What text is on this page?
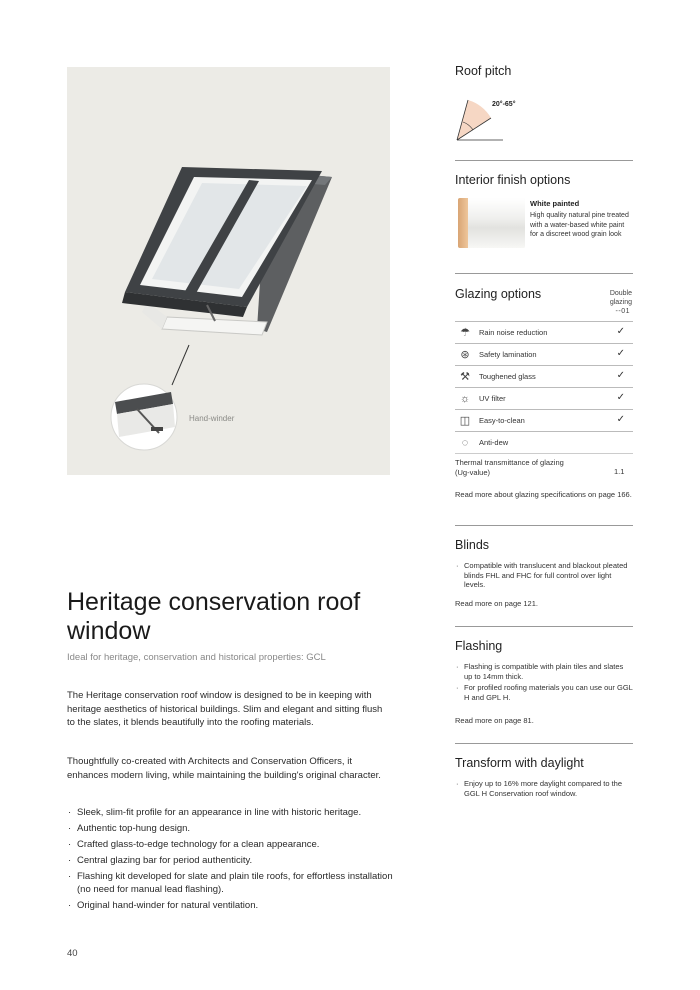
Hand-winder
Heritage conservation roof window
Ideal for heritage, conservation and historical properties: GCL

The Heritage conservation roof window is designed to be in keeping with heritage aesthetics of historical buildings. Slim and elegant and sitting flush to the slates, it blends beautifully into the roofing materials.

Thoughtfully co-created with Architects and Conservation Officers, it enhances modern living, while maintaining the building's original character.

· Sleek, slim-fit profile for an appearance in line with historic heritage.
· Authentic top-hung design.
· Crafted glass-to-edge technology for a clean appearance.
· Central glazing bar for period authenticity.
· Flashing kit developed for slate and plain tile roofs, for effortless installation (no need for manual lead flashing).
· Original hand-winder for natural ventilation.
40
Roof pitch
20°-65°
Interior finish options
White painted
High quality natural pine treated with a water-based white paint for a discreet wood grain look
Glazing options	Double glazing
--01
☂ Rain noise reduction	✓
⊛	Safety lamination	✓
⚒ Toughened glass	✓
☼ UV filter	✓
◫ Easy-to-clean	✓
◌	Anti-dew
Thermal transmittance of glazing (Ug-value)	1.1
Read more about glazing specifications on page 166.
Blinds
· Compatible with translucent and blackout pleated blinds FHL and FHC for full control over light levels.
Read more on page 121.
Flashing
· Flashing is compatible with plain tiles and slates up to 14mm thick.
· For profiled roofing materials you can use our GGL H and GPL H.
Read more on page 81.
Transform with daylight
· Enjoy up to 16% more daylight compared to the GGL H Conservation roof window.
